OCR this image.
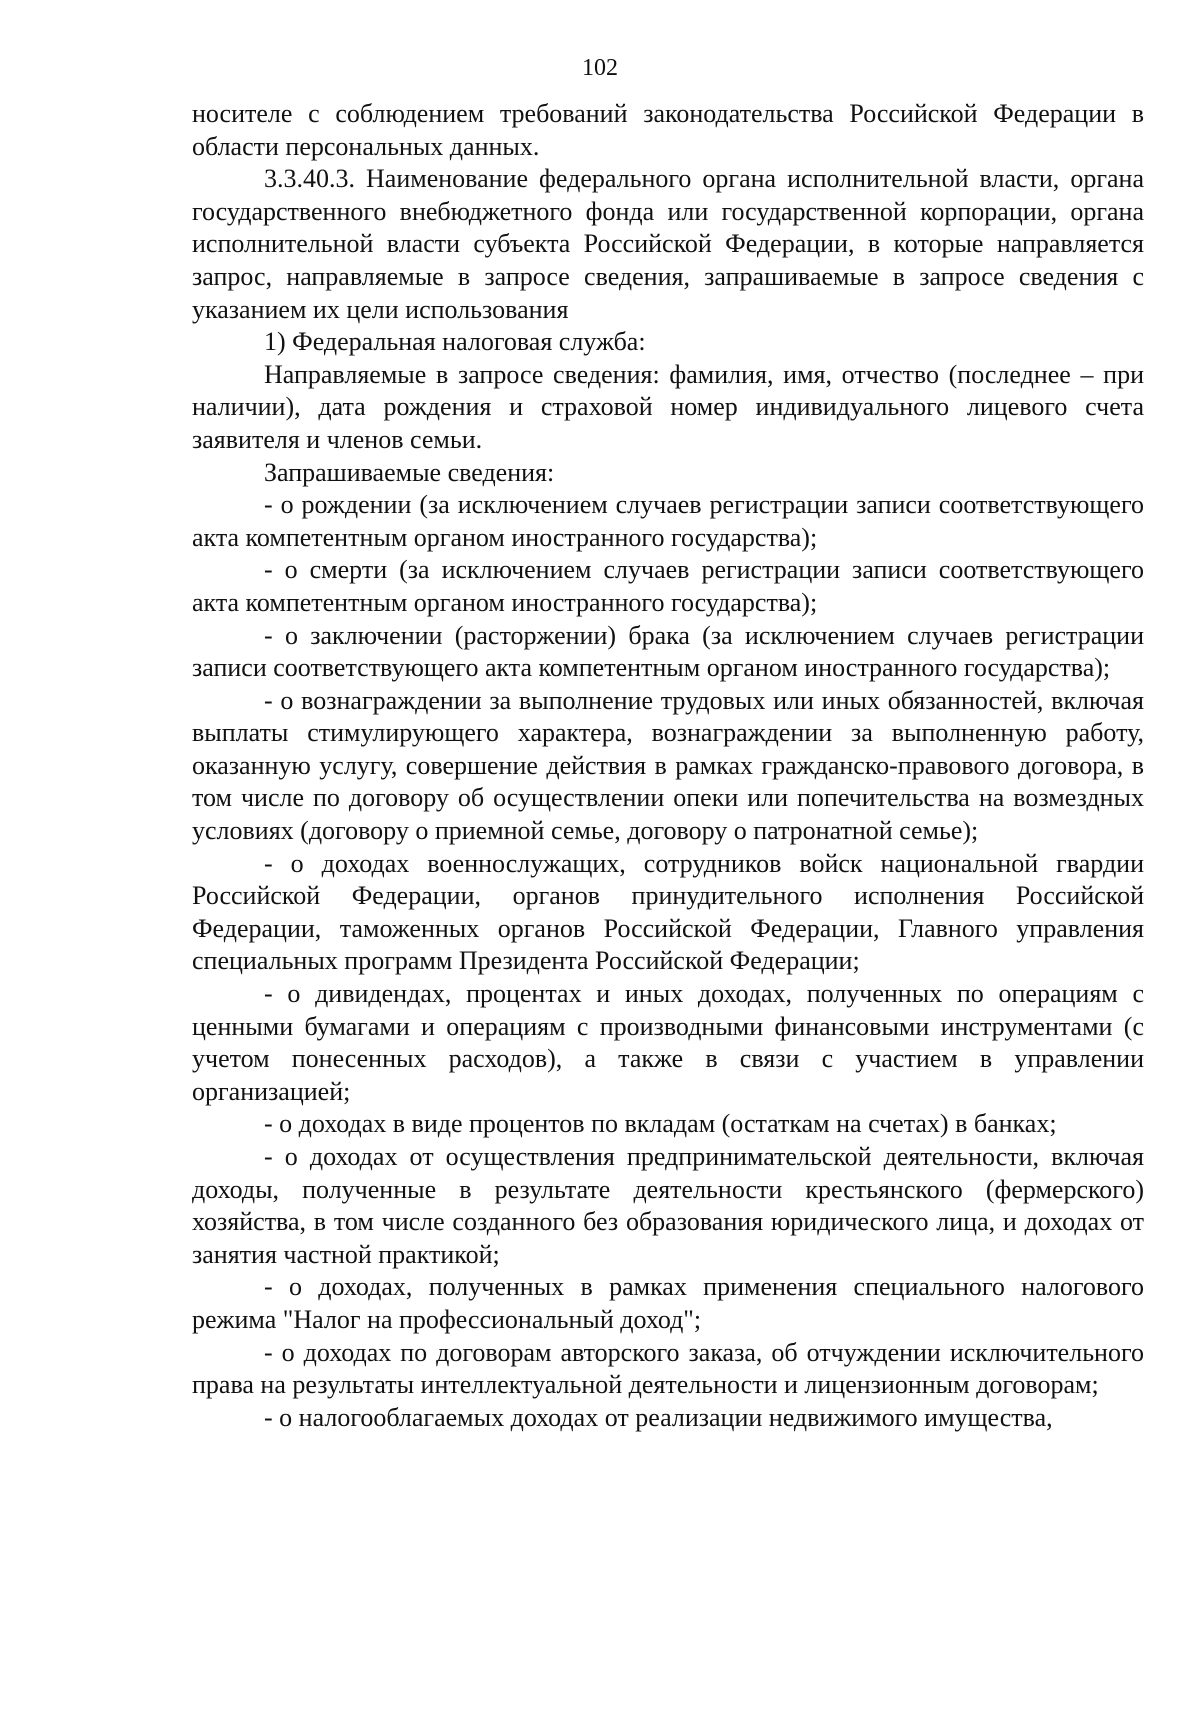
102

носителе с соблюдением требований законодательства Российской Федерации в области персональных данных.

3.3.40.3. Наименование федерального органа исполнительной власти, органа государственного внебюджетного фонда или государственной корпорации, органа исполнительной власти субъекта Российской Федерации, в которые направляется запрос, направляемые в запросе сведения, запрашиваемые в запросе сведения с указанием их цели использования

1) Федеральная налоговая служба:

Направляемые в запросе сведения: фамилия, имя, отчество (последнее – при наличии), дата рождения и страховой номер индивидуального лицевого счета заявителя и членов семьи.

Запрашиваемые сведения:

- о рождении (за исключением случаев регистрации записи соответствующего акта компетентным органом иностранного государства);

- о смерти (за исключением случаев регистрации записи соответствующего акта компетентным органом иностранного государства);

- о заключении (расторжении) брака (за исключением случаев регистрации записи соответствующего акта компетентным органом иностранного государства);

- о вознаграждении за выполнение трудовых или иных обязанностей, включая выплаты стимулирующего характера, вознаграждении за выполненную работу, оказанную услугу, совершение действия в рамках гражданско-правового договора, в том числе по договору об осуществлении опеки или попечительства на возмездных условиях (договору о приемной семье, договору о патронатной семье);

- о доходах военнослужащих, сотрудников войск национальной гвардии Российской Федерации, органов принудительного исполнения Российской Федерации, таможенных органов Российской Федерации, Главного управления специальных программ Президента Российской Федерации;

- о дивидендах, процентах и иных доходах, полученных по операциям с ценными бумагами и операциям с производными финансовыми инструментами (с учетом понесенных расходов), а также в связи с участием в управлении организацией;

- о доходах в виде процентов по вкладам (остаткам на счетах) в банках;

- о доходах от осуществления предпринимательской деятельности, включая доходы, полученные в результате деятельности крестьянского (фермерского) хозяйства, в том числе созданного без образования юридического лица, и доходах от занятия частной практикой;

- о доходах, полученных в рамках применения специального налогового режима "Налог на профессиональный доход";

- о доходах по договорам авторского заказа, об отчуждении исключительного права на результаты интеллектуальной деятельности и лицензионным договорам;

- о налогооблагаемых доходах от реализации недвижимого имущества,
